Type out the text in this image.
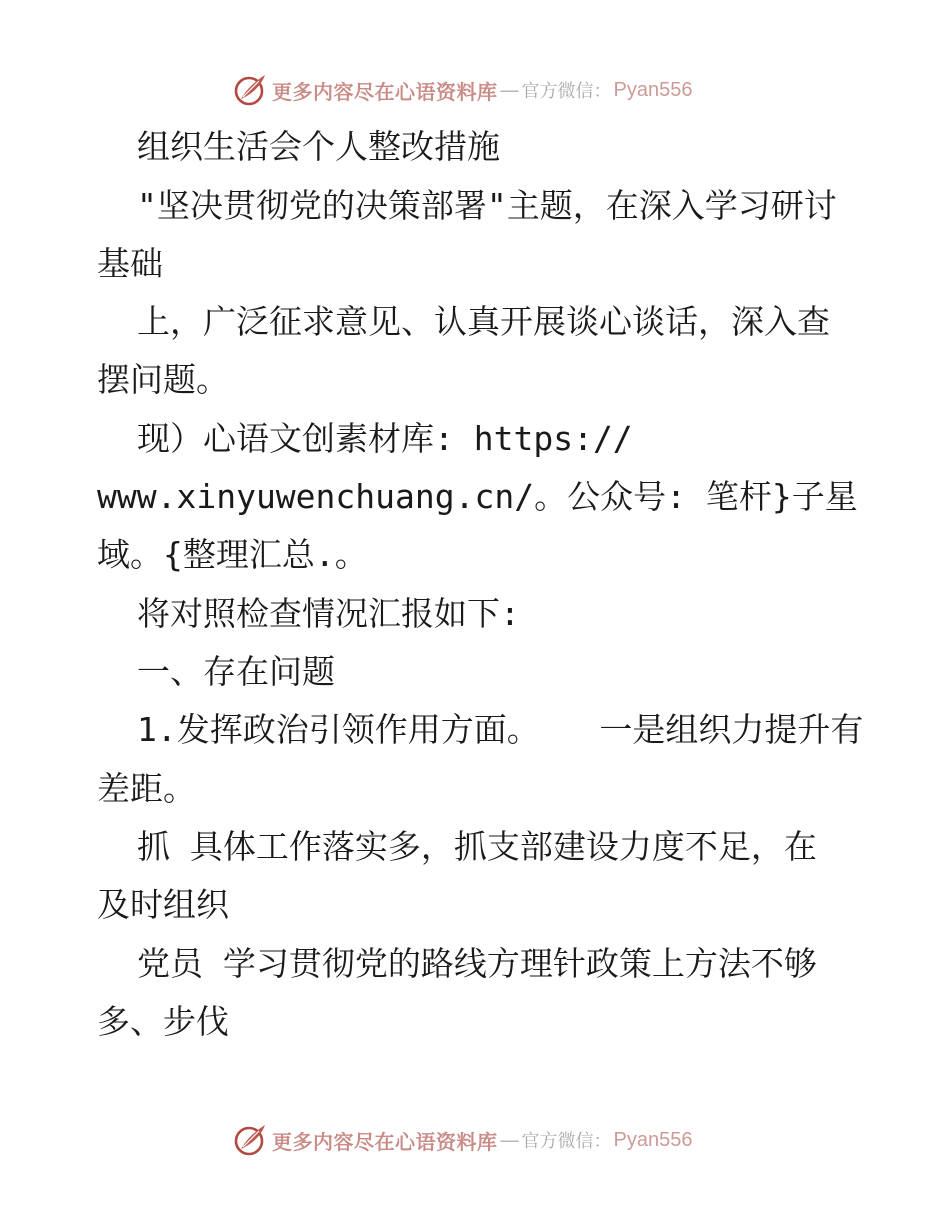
更多内容尽在心语资料库 — 官方微信： Pyan556
组织生活会个人整改措施
"坚决贯彻党的决策部署"主题，在深入学习研讨
基础
上，广泛征求意见、认真开展谈心谈话，深入查
摆问题。
现）心语文创素材库: https://
www.xinyuwenchuang.cn/。公众号: 笔杆}子星
域。{整理汇总.。
将对照检查情况汇报如下:
一、存在问题
1.发挥政治引领作用方面。   一是组织力提升有
差距。
抓 具体工作落实多，抓支部建设力度不足，在
及时组织
党员 学习贯彻党的路线方理针政策上方法不够
多、步伐
更多内容尽在心语资料库 — 官方微信： Pyan556
